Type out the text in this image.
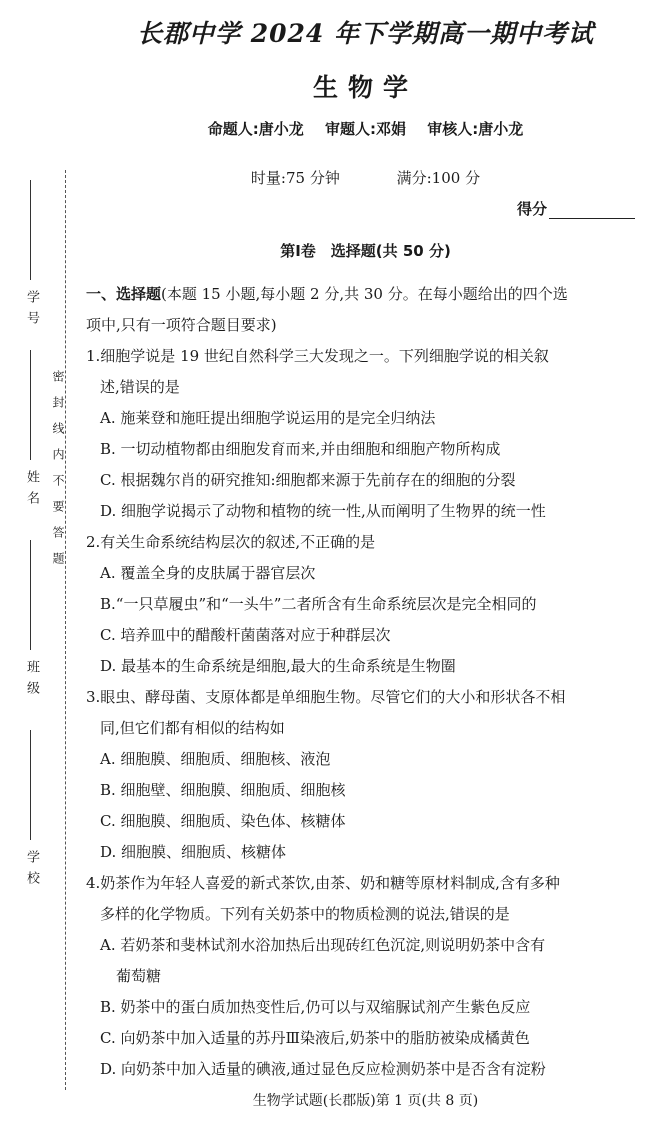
学 号
姓 名
班 级
学 校
密封线内不要答题
长郡中学 2024 年下学期高一期中考试
生物学
命题人:唐小龙 审题人:邓娟 审核人:唐小龙
时量:75 分钟	满分:100 分
得分
第Ⅰ卷　选择题(共 50 分)
一、选择题(本题 15 小题,每小题 2 分,共 30 分。在每小题给出的四个选
项中,只有一项符合题目要求)
1.细胞学说是 19 世纪自然科学三大发现之一。下列细胞学说的相关叙
述,错误的是
A. 施莱登和施旺提出细胞学说运用的是完全归纳法
B. 一切动植物都由细胞发育而来,并由细胞和细胞产物所构成
C. 根据魏尔肖的研究推知:细胞都来源于先前存在的细胞的分裂
D. 细胞学说揭示了动物和植物的统一性,从而阐明了生物界的统一性
2.有关生命系统结构层次的叙述,不正确的是
A. 覆盖全身的皮肤属于器官层次
B.“一只草履虫”和“一头牛”二者所含有生命系统层次是完全相同的
C. 培养皿中的醋酸杆菌菌落对应于种群层次
D. 最基本的生命系统是细胞,最大的生命系统是生物圈
3.眼虫、酵母菌、支原体都是单细胞生物。尽管它们的大小和形状各不相
同,但它们都有相似的结构如
A. 细胞膜、细胞质、细胞核、液泡
B. 细胞壁、细胞膜、细胞质、细胞核
C. 细胞膜、细胞质、染色体、核糖体
D. 细胞膜、细胞质、核糖体
4.奶茶作为年轻人喜爱的新式茶饮,由茶、奶和糖等原材料制成,含有多种
多样的化学物质。下列有关奶茶中的物质检测的说法,错误的是
A. 若奶茶和斐林试剂水浴加热后出现砖红色沉淀,则说明奶茶中含有
葡萄糖
B. 奶茶中的蛋白质加热变性后,仍可以与双缩脲试剂产生紫色反应
C. 向奶茶中加入适量的苏丹Ⅲ染液后,奶茶中的脂肪被染成橘黄色
D. 向奶茶中加入适量的碘液,通过显色反应检测奶茶中是否含有淀粉
生物学试题(长郡版)第 1 页(共 8 页)
